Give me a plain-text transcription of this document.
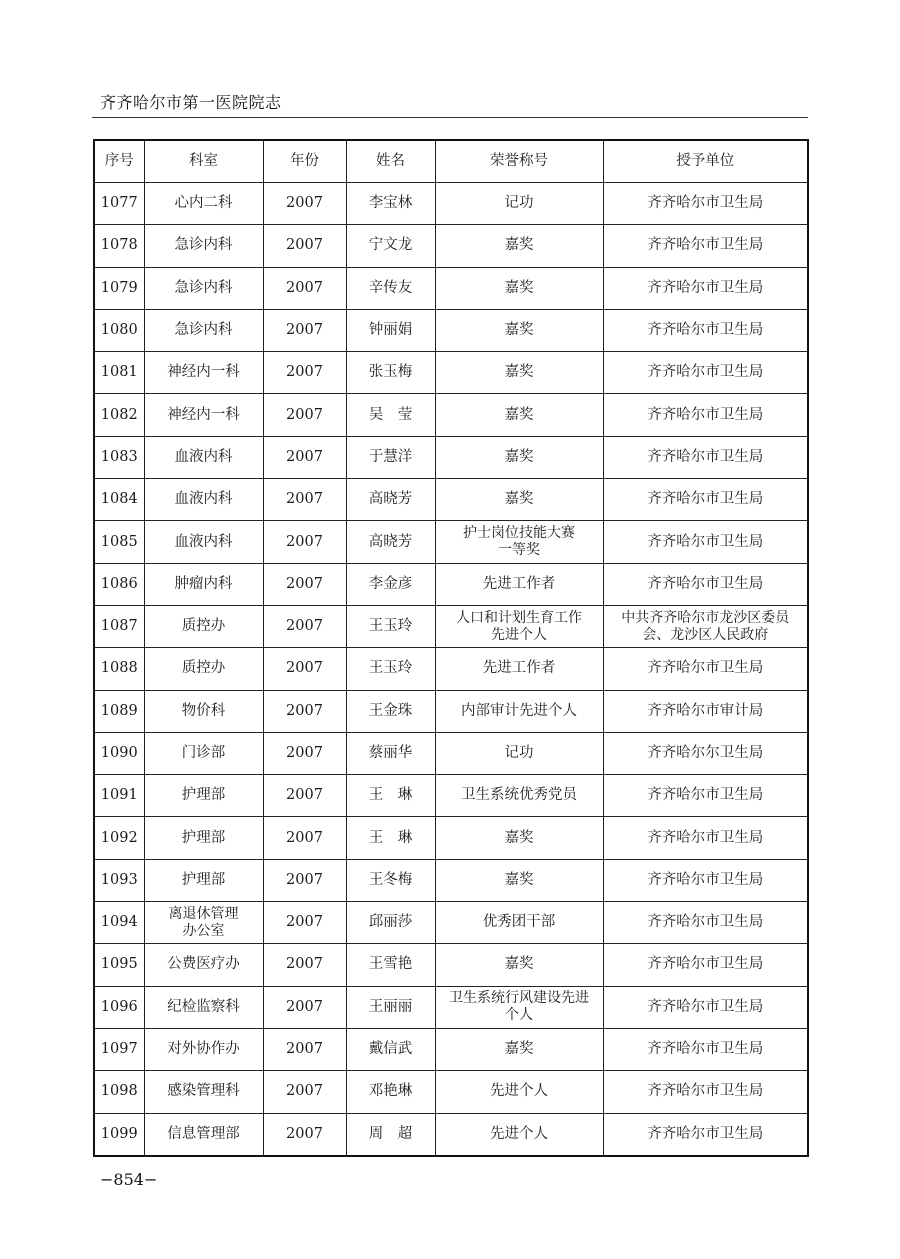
齐齐哈尔市第一医院院志
序号	科室	年份	姓名	荣誉称号	授予单位
1077	心内二科	2007	李宝林	记功	齐齐哈尔市卫生局
1078	急诊内科	2007	宁文龙	嘉奖	齐齐哈尔市卫生局
1079	急诊内科	2007	辛传友	嘉奖	齐齐哈尔市卫生局
1080	急诊内科	2007	钟丽娟	嘉奖	齐齐哈尔市卫生局
1081	神经内一科	2007	张玉梅	嘉奖	齐齐哈尔市卫生局
1082	神经内一科	2007	吴　莹	嘉奖	齐齐哈尔市卫生局
1083	血液内科	2007	于慧洋	嘉奖	齐齐哈尔市卫生局
1084	血液内科	2007	高晓芳	嘉奖	齐齐哈尔市卫生局
1085	血液内科	2007	高晓芳	护士岗位技能大赛
一等奖	齐齐哈尔市卫生局
1086	肿瘤内科	2007	李金彦	先进工作者	齐齐哈尔市卫生局
1087	质控办	2007	王玉玲	人口和计划生育工作
先进个人	中共齐齐哈尔市龙沙区委员
会、龙沙区人民政府
1088	质控办	2007	王玉玲	先进工作者	齐齐哈尔市卫生局
1089	物价科	2007	王金珠	内部审计先进个人	齐齐哈尔市审计局
1090	门诊部	2007	蔡丽华	记功	齐齐哈尔尔卫生局
1091	护理部	2007	王　琳	卫生系统优秀党员	齐齐哈尔市卫生局
1092	护理部	2007	王　琳	嘉奖	齐齐哈尔市卫生局
1093	护理部	2007	王冬梅	嘉奖	齐齐哈尔市卫生局
1094	离退休管理
办公室	2007	邱丽莎	优秀团干部	齐齐哈尔市卫生局
1095	公费医疗办	2007	王雪艳	嘉奖	齐齐哈尔市卫生局
1096	纪检监察科	2007	王丽丽	卫生系统行风建设先进
个人	齐齐哈尔市卫生局
1097	对外协作办	2007	戴信武	嘉奖	齐齐哈尔市卫生局
1098	感染管理科	2007	邓艳琳	先进个人	齐齐哈尔市卫生局
1099	信息管理部	2007	周　超	先进个人	齐齐哈尔市卫生局
−854−
